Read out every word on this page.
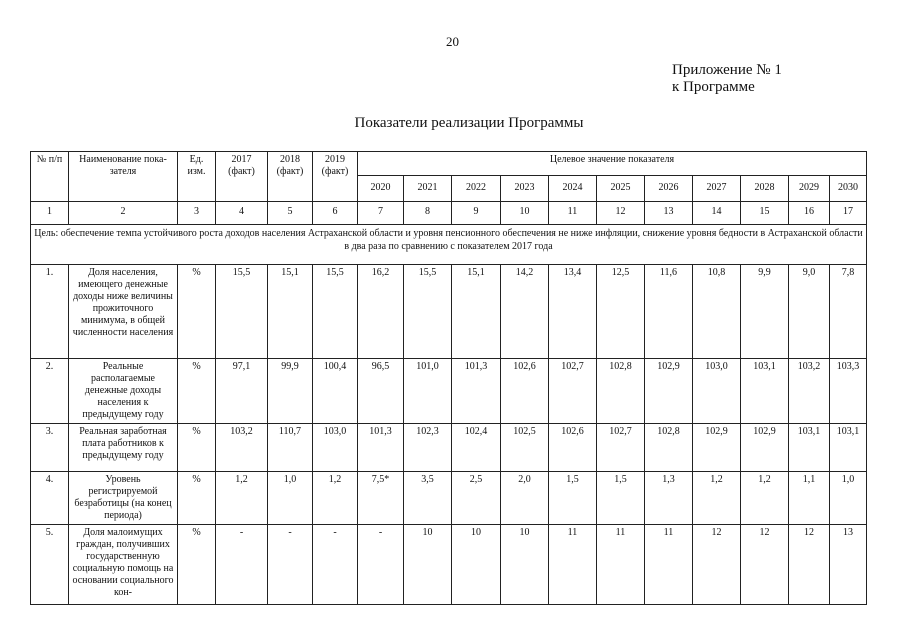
20
Приложение № 1
к Программе
Показатели реализации Программы
№ п/п	Наименование пока- зателя	Ед. изм.	2017 (факт)	2018 (факт)	2019 (факт)	Целевое значение показателя										
						2020	2021	2022	2023	2024	2025	2026	2027	2028	2029	2030
1	2	3	4	5	6	7	8	9	10	11	12	13	14	15	16	17
Цель: обеспечение темпа устойчивого роста доходов населения Астраханской области и уровня пенсионного обеспечения не ниже инфляции, снижение уровня бедности в Астраханской области в два раза по сравнению с показателем 2017 года																
1.	Доля населения, имеющего денежные доходы ниже величины прожиточного минимума, в общей численности населения	%	15,5	15,1	15,5	16,2	15,5	15,1	14,2	13,4	12,5	11,6	10,8	9,9	9,0	7,8
2.	Реальные располагаемые денежные доходы населения к предыдущему году	%	97,1	99,9	100,4	96,5	101,0	101,3	102,6	102,7	102,8	102,9	103,0	103,1	103,2	103,3
3.	Реальная заработная плата работников к предыдущему году	%	103,2	110,7	103,0	101,3	102,3	102,4	102,5	102,6	102,7	102,8	102,9	102,9	103,1	103,1
4.	Уровень регистрируемой безработицы (на конец периода)	%	1,2	1,0	1,2	7,5*	3,5	2,5	2,0	1,5	1,5	1,3	1,2	1,2	1,1	1,0
5.	Доля малоимущих граждан, получивших государственную социальную помощь на основании социального кон-	%	-	-	-	-	10	10	10	11	11	11	12	12	12	13
